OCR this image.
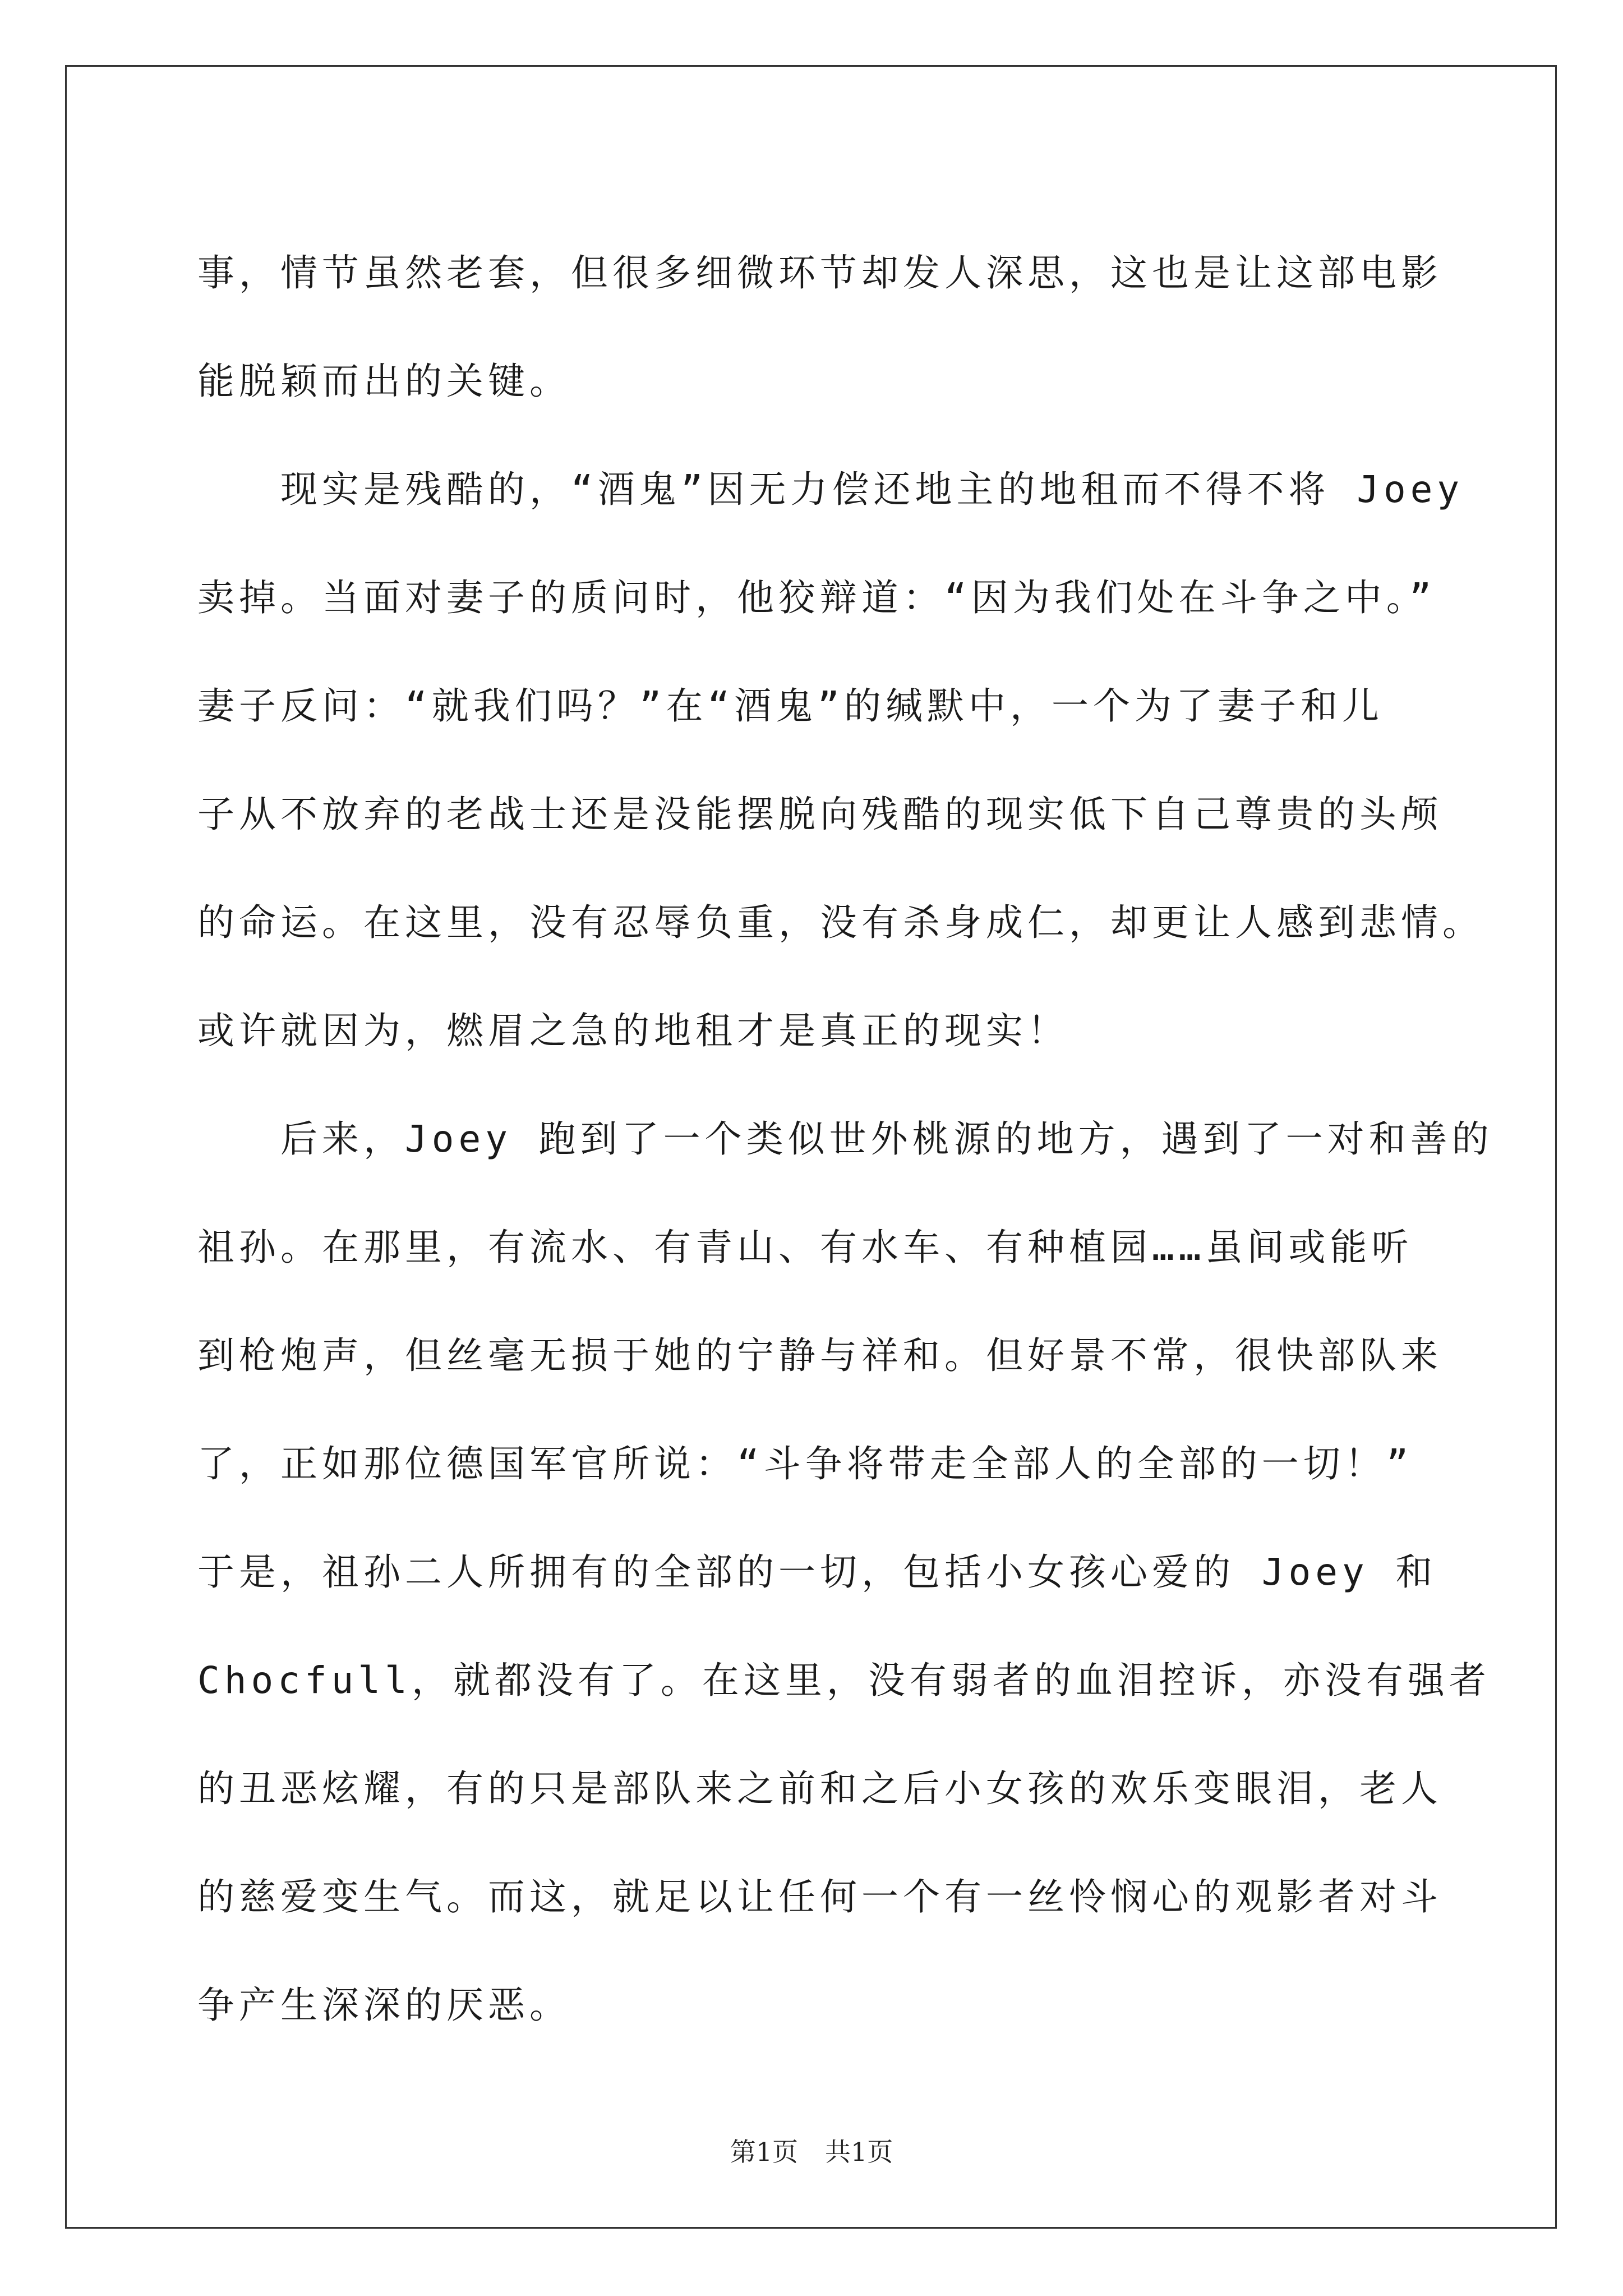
事，情节虽然老套，但很多细微环节却发人深思，这也是让这部电影
能脱颖而出的关键。
　　现实是残酷的，“酒鬼”因无力偿还地主的地租而不得不将 Joey
卖掉。当面对妻子的质问时，他狡辩道：“因为我们处在斗争之中。”
妻子反问：“就我们吗？”在“酒鬼”的缄默中，一个为了妻子和儿
子从不放弃的老战士还是没能摆脱向残酷的现实低下自己尊贵的头颅
的命运。在这里，没有忍辱负重，没有杀身成仁，却更让人感到悲情。
或许就因为，燃眉之急的地租才是真正的现实！
　　后来，Joey 跑到了一个类似世外桃源的地方，遇到了一对和善的
祖孙。在那里，有流水、有青山、有水车、有种植园……虽间或能听
到枪炮声，但丝毫无损于她的宁静与祥和。但好景不常，很快部队来
了，正如那位德国军官所说：“斗争将带走全部人的全部的一切！”
于是，祖孙二人所拥有的全部的一切，包括小女孩心爱的 Joey 和
Chocfull，就都没有了。在这里，没有弱者的血泪控诉，亦没有强者
的丑恶炫耀，有的只是部队来之前和之后小女孩的欢乐变眼泪，老人
的慈爱变生气。而这，就足以让任何一个有一丝怜悯心的观影者对斗
争产生深深的厌恶。
第1页 共1页
